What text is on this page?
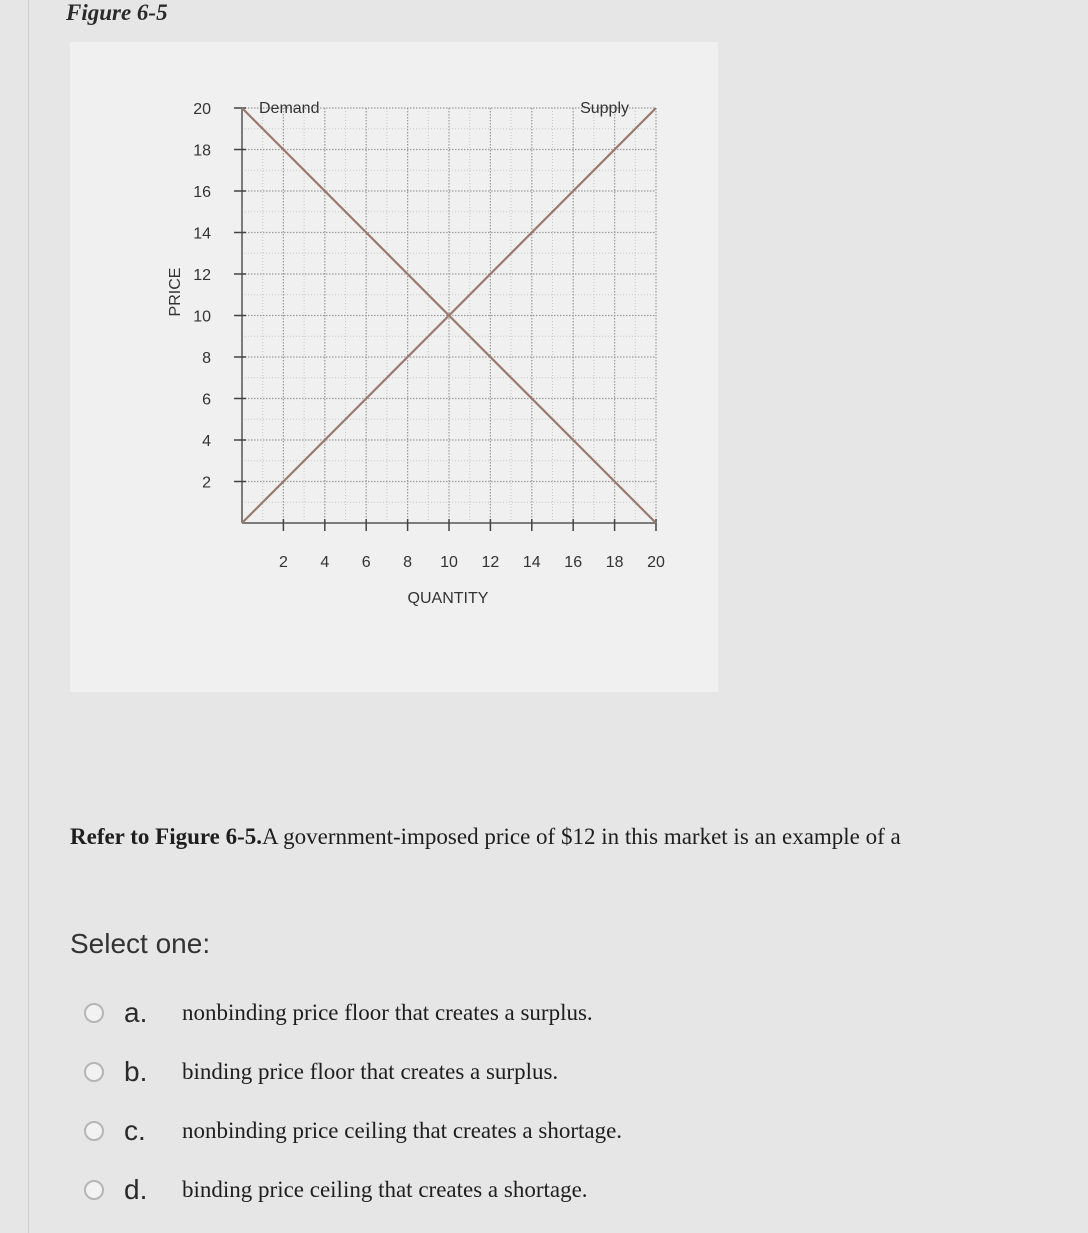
Figure 6-5
2
4
6
8
10
12
14
16
18
20
2 4 6 8 10 12 14 16 18 20
QUANTITY
PRICE
Demand	Supply
Refer to Figure 6-5.A government-imposed price of $12 in this market is an example of a
Select one:
a.	nonbinding price floor that creates a surplus.
b.	binding price floor that creates a surplus.
c.	nonbinding price ceiling that creates a shortage.
d.	binding price ceiling that creates a shortage.
